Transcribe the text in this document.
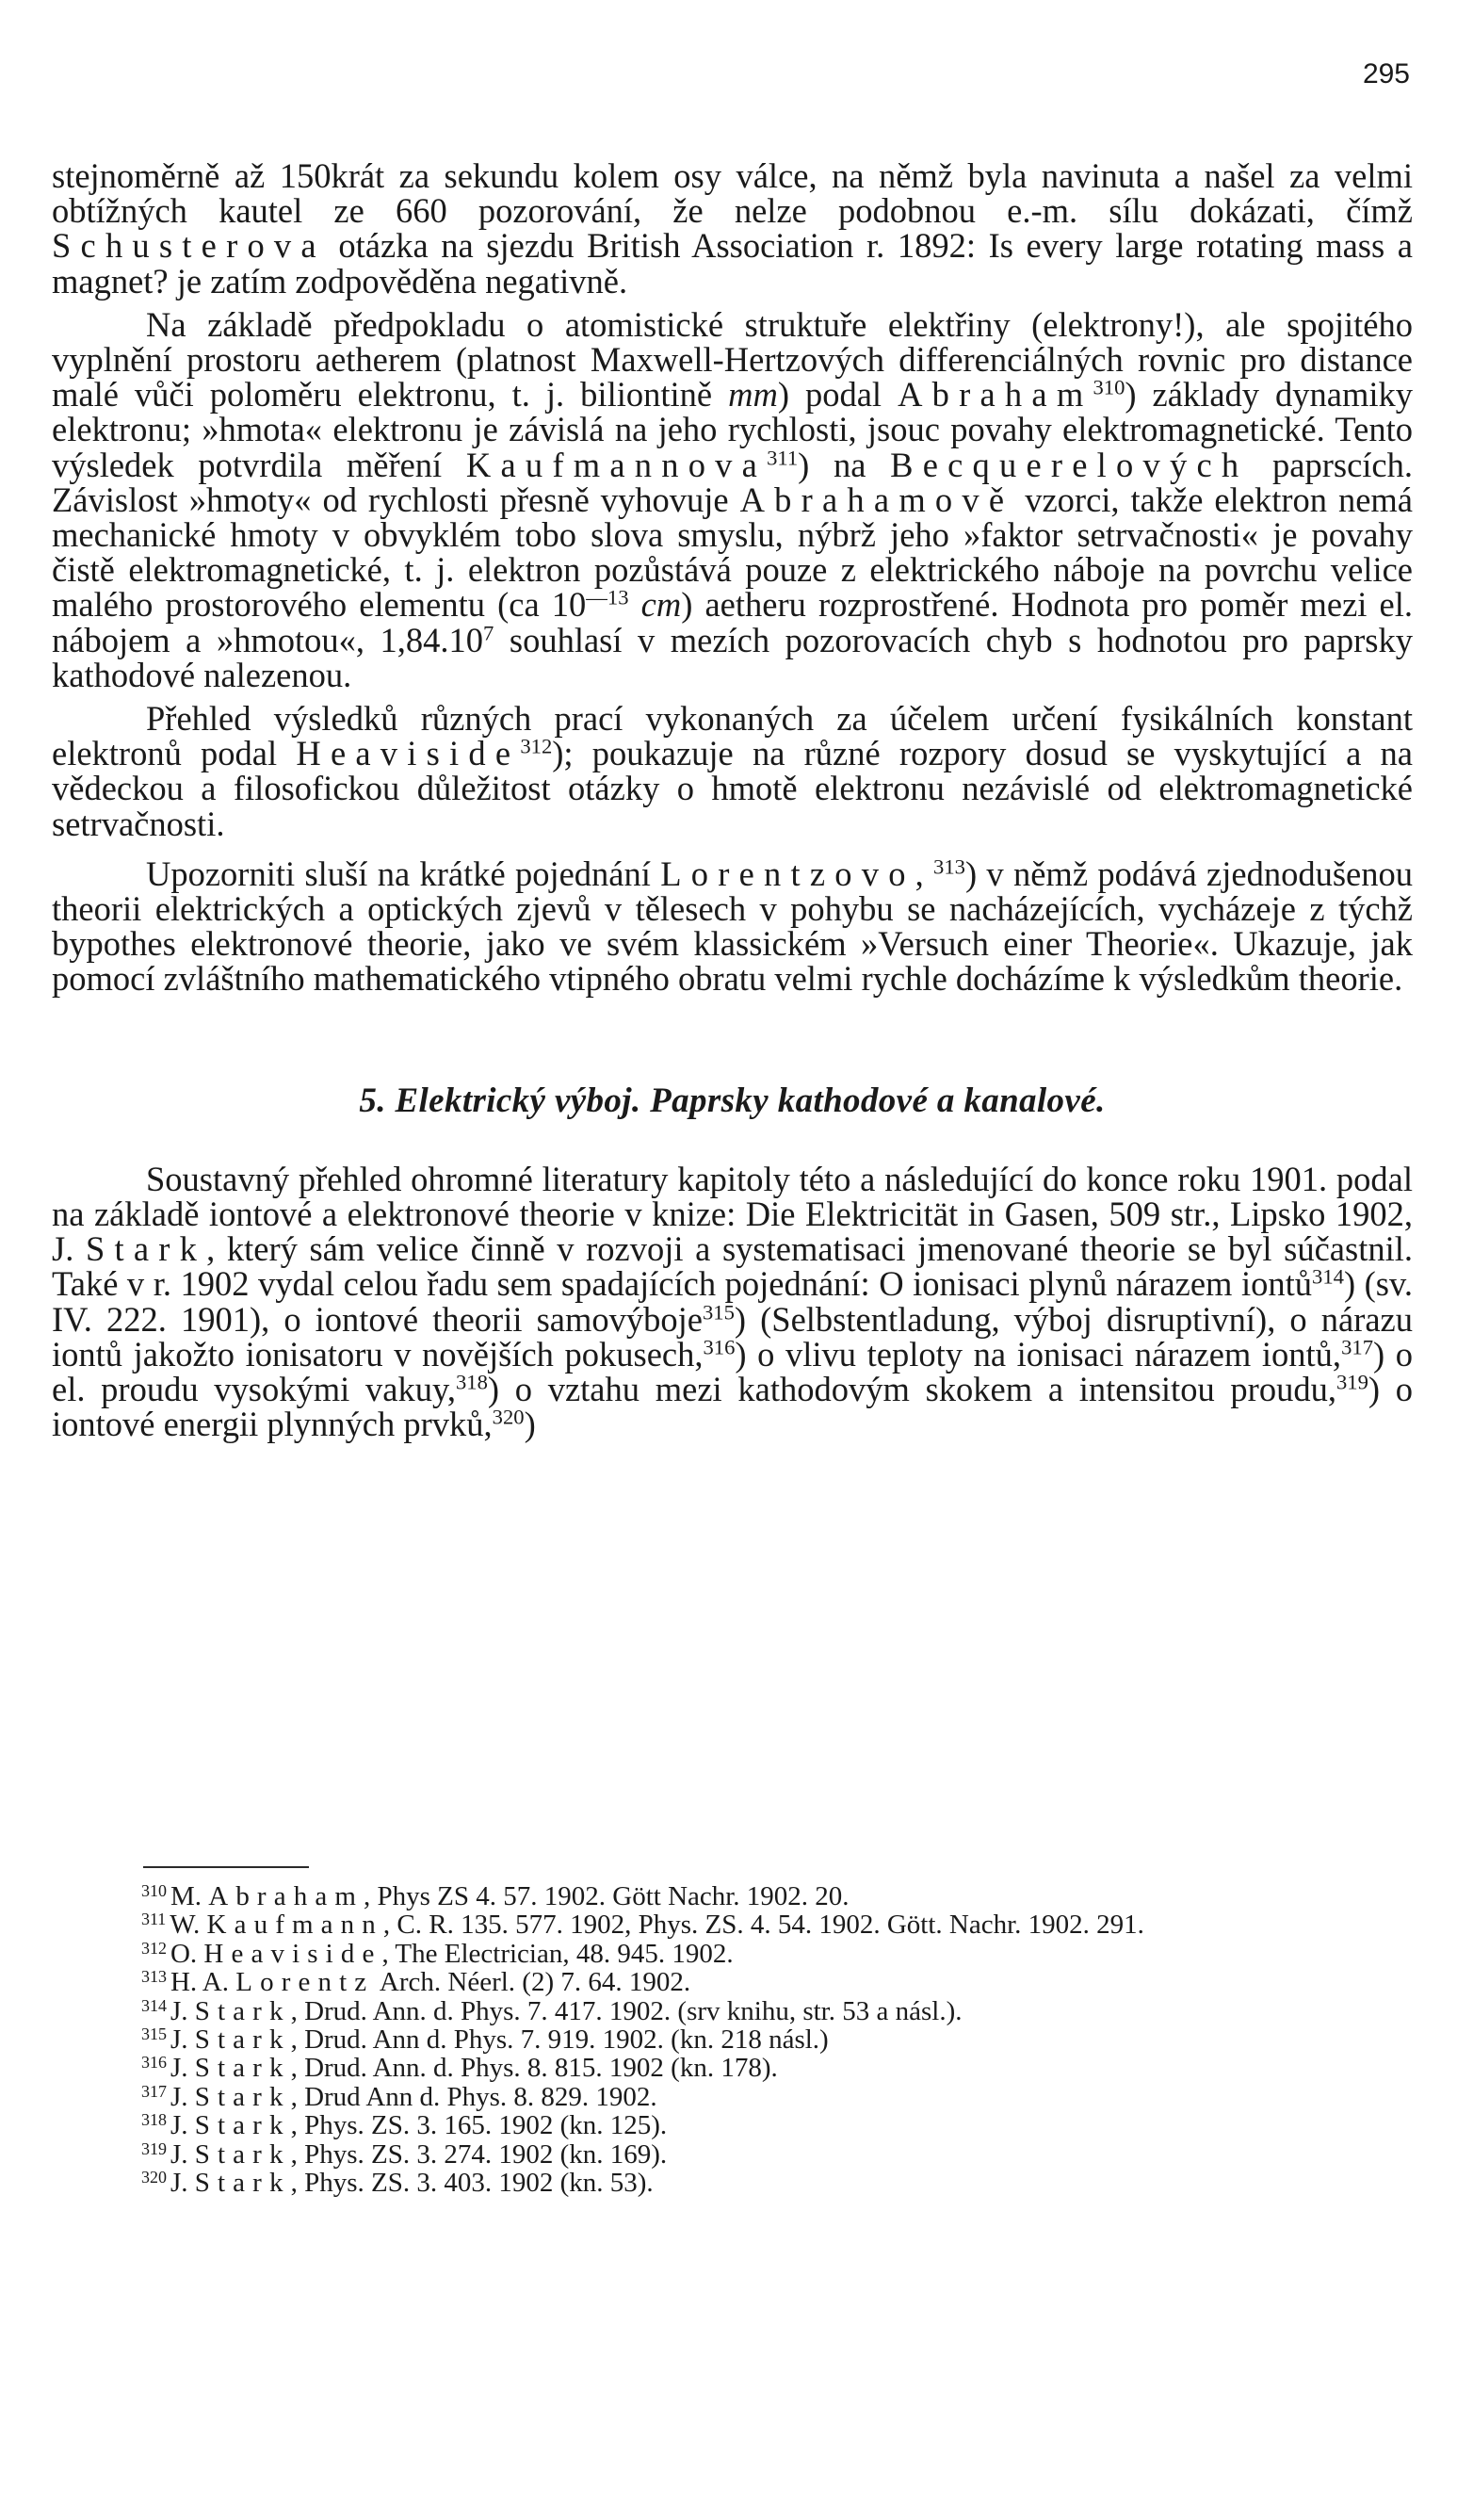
295

stejnoměrně až 150krát za sekundu kolem osy válce, na němž byla navinuta a našel za velmi obtížných kautel ze 660 pozorování, že nelze podobnou e.-m. sílu dokázati, čímž Schusterova otázka na sjezdu British Association r. 1892: Is every large rotating mass a magnet? je zatím zodpověděna negativně.

Na základě předpokladu o atomistické struktuře elektřiny (elektrony!), ale spojitého vyplnění prostoru aetherem (platnost Maxwell-Hertzových differenciálných rovnic pro distance malé vůči poloměru elektronu, t. j. biliontině mm) podal Abraham$^{310}$) základy dynamiky elektronu; »hmota« elektronu je závislá na jeho rychlosti, jsouc povahy elektromagnetické. Tento výsledek potvrdila měření Kaufmannova$^{311}$) na Becquerelových paprscích. Závislost »hmoty« od rychlosti přesně vyhovuje Abrahamově vzorci, takže elektron nemá mechanické hmoty v obvyklém tobo slova smyslu, nýbrž jeho »faktor setrvačnosti« je povahy čistě elektromagnetické, t. j. elektron pozůstává pouze z elektrického náboje na povrchu velice malého prostorového elementu (ca $10^{—13}$ cm) aetheru rozprostřené. Hodnota pro poměr mezi el. nábojem a »hmotou«, 1,84.10$^7$ souhlasí v mezích pozorovacích chyb s hodnotou pro paprsky kathodové nalezenou.

Přehled výsledků různých prací vykonaných za účelem určení fysikálních konstant elektronů podal Heaviside$^{312}$); poukazuje na různé rozpory dosud se vyskytující a na vědeckou a filosofickou důležitost otázky o hmotě elektronu nezávislé od elektromagnetické setrvačnosti.

Upozorniti sluší na krátké pojednání Lorentzovo,$^{313}$) v němž podává zjednodušenou theorii elektrických a optických zjevů v tělesech v pohybu se nacházejících, vycházeje z týchž bypothes elektronové theorie, jako ve svém klassickém »Versuch einer Theorie«. Ukazuje, jak pomocí zvláštního mathematického vtipného obratu velmi rychle docházíme k výsledkům theorie.

5. Elektrický výboj. Paprsky kathodové a kanalové.

Soustavný přehled ohromné literatury kapitoly této a následující do konce roku 1901. podal na základě iontové a elektronové theorie v knize: Die Elektricität in Gasen, 509 str., Lipsko 1902, J. Stark, který sám velice činně v rozvoji a systematisaci jmenované theorie se byl súčastnil. Také v r. 1902 vydal celou řadu sem spadajících pojednání: O ionisaci plynů nárazem iontů$^{314}$) (sv. IV. 222. 1901), o iontové theorii samovýboje$^{315}$) (Selbstentladung, výboj disruptivní), o nárazu iontů jakožto ionisatoru v novějších pokusech,$^{316}$) o vlivu teploty na ionisaci nárazem iontů,$^{317}$) o el. proudu vysokými vakuy,$^{318}$) o vztahu mezi kathodovým skokem a intensitou proudu,$^{319}$) o iontové energii plynných prvků,$^{320}$)

$^{310}$ M. Abraham, Phys ZS 4. 57. 1902. Gött Nachr. 1902. 20.

$^{311}$ W. Kaufmann, C. R. 135. 577. 1902, Phys. ZS. 4. 54. 1902. Gött. Nachr. 1902. 291.

$^{312}$ O. Heaviside, The Electrician, 48. 945. 1902.

$^{313}$ H. A. Lorentz Arch. Néerl. (2) 7. 64. 1902.

$^{314}$ J. Stark, Drud. Ann. d. Phys. 7. 417. 1902. (srv knihu, str. 53 a násl.).

$^{315}$ J. Stark, Drud. Ann d. Phys. 7. 919. 1902. (kn. 218 násl.)

$^{316}$ J. Stark, Drud. Ann. d. Phys. 8. 815. 1902 (kn. 178).

$^{317}$ J. Stark, Drud Ann d. Phys. 8. 829. 1902.

$^{318}$ J. Stark, Phys. ZS. 3. 165. 1902 (kn. 125).

$^{319}$ J. Stark, Phys. ZS. 3. 274. 1902 (kn. 169).

$^{320}$ J. Stark, Phys. ZS. 3. 403. 1902 (kn. 53).
